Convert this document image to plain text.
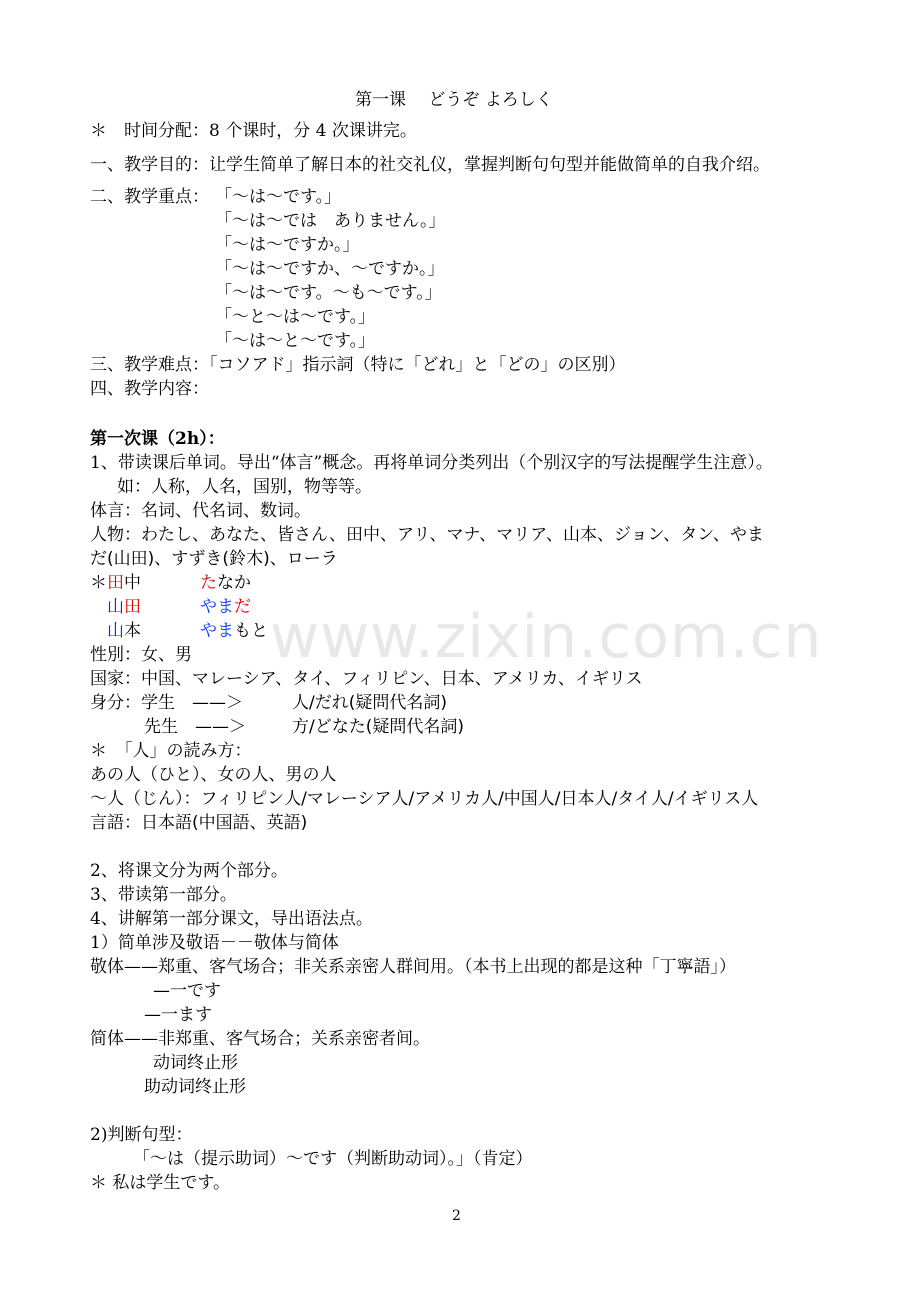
第一课　 どうぞ よろしく
＊　时间分配：8 个课时，分 4 次课讲完。
一、教学目的：让学生简单了解日本的社交礼仪，掌握判断句句型并能做简单的自我介绍。
二、教学重点： 「～は～です。」
「～は～では　ありません。」
「～は～ですか。」
「～は～ですか、～ですか。」
「～は～です。～も～です。」
「～と～は～です。」
「～は～と～です。」
三、教学难点：「コソアド」指示詞（特に「どれ」と「どの」の区別）
四、教学内容：
第一次课（2h）：
1、带读课后单词。导出“体言”概念。再将单词分类列出（个别汉字的写法提醒学生注意）。
如：人称，人名，国别，物等等。
体言：名词、代名词、数词。
人物：わたし、あなた、皆さん、田中、アリ、マナ、マリア、山本、ジョン、タン、やま
だ(山田)、すずき(鈴木)、ローラ
＊田中	たなか
山田	やまだ
山本	やまもと
性別：女、男
国家：中国、マレーシア、タイ、フィリピン、日本、アメリカ、イギリス
身分：学生　——＞	人/だれ(疑問代名詞)
先生　——＞	方/どなた(疑問代名詞)
＊　「人」の読み方：
あの人（ひと）、女の人、男の人
～人（じん）：フィリピン人/マレーシア人/アメリカ人/中国人/日本人/タイ人/イギリス人
言語：日本語(中国語、英語)
2、将课文分为两个部分。
3、带读第一部分。
4、讲解第一部分课文，导出语法点。
1）简单涉及敬语－－敬体与简体
敬体——郑重、客气场合；非关系亲密人群间用。（本书上出现的都是这种「丁寧語」）
—一です
—一ます
简体——非郑重、客气场合；关系亲密者间。
动词终止形
助动词终止形
2)判断句型：
「～は（提示助词）～です（判断助动词）。」（肯定）
＊ 私は学生です。
www.zixin.com.cn
2
